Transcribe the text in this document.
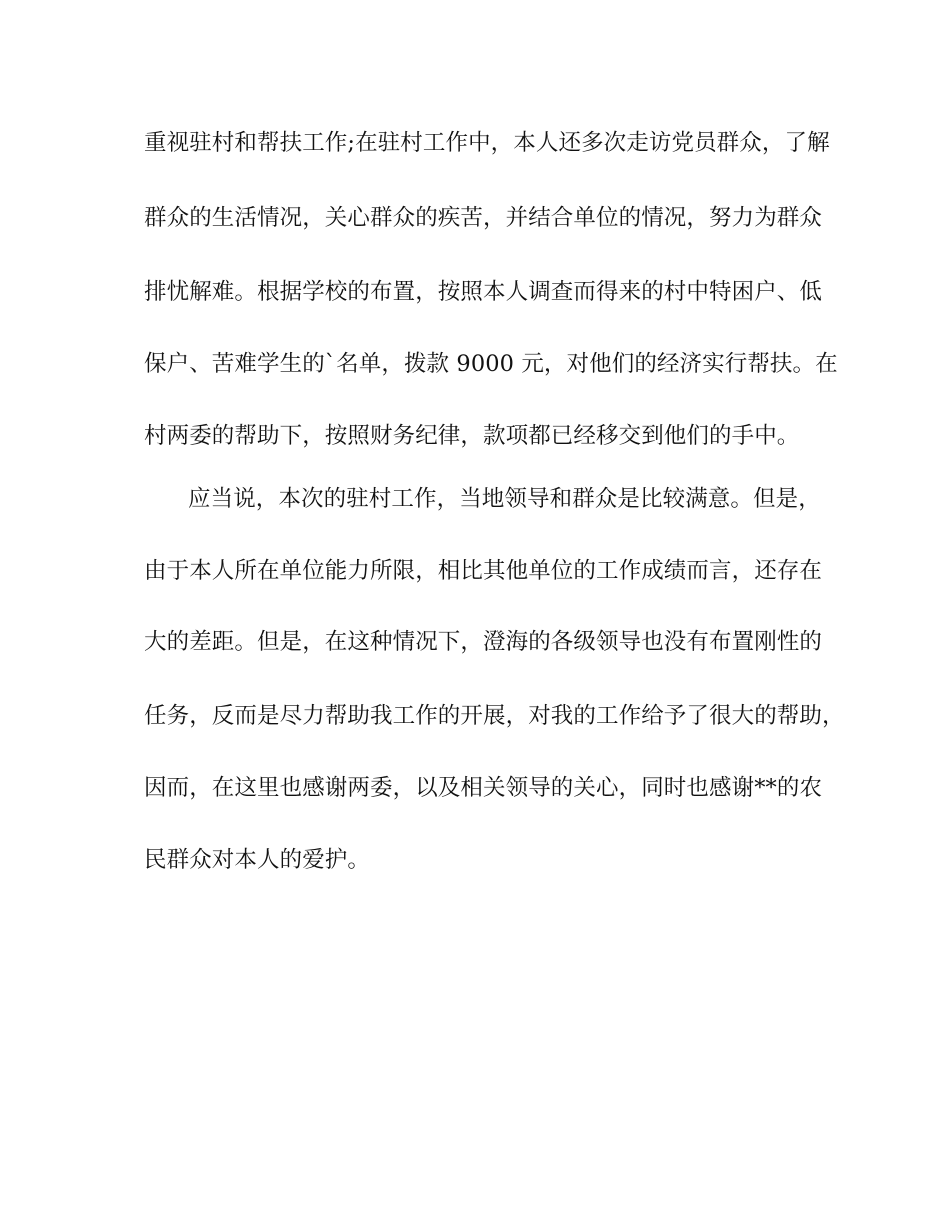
重视驻村和帮扶工作;在驻村工作中，本人还多次走访党员群众，了解
群众的生活情况，关心群众的疾苦，并结合单位的情况，努力为群众
排忧解难。根据学校的布置，按照本人调查而得来的村中特困户、低
保户、苦难学生的`名单，拨款 9000 元，对他们的经济实行帮扶。在
村两委的帮助下，按照财务纪律，款项都已经移交到他们的手中。
应当说，本次的驻村工作，当地领导和群众是比较满意。但是，
由于本人所在单位能力所限，相比其他单位的工作成绩而言，还存在
大的差距。但是，在这种情况下，澄海的各级领导也没有布置刚性的
任务，反而是尽力帮助我工作的开展，对我的工作给予了很大的帮助，
因而，在这里也感谢两委，以及相关领导的关心，同时也感谢**的农
民群众对本人的爱护。
